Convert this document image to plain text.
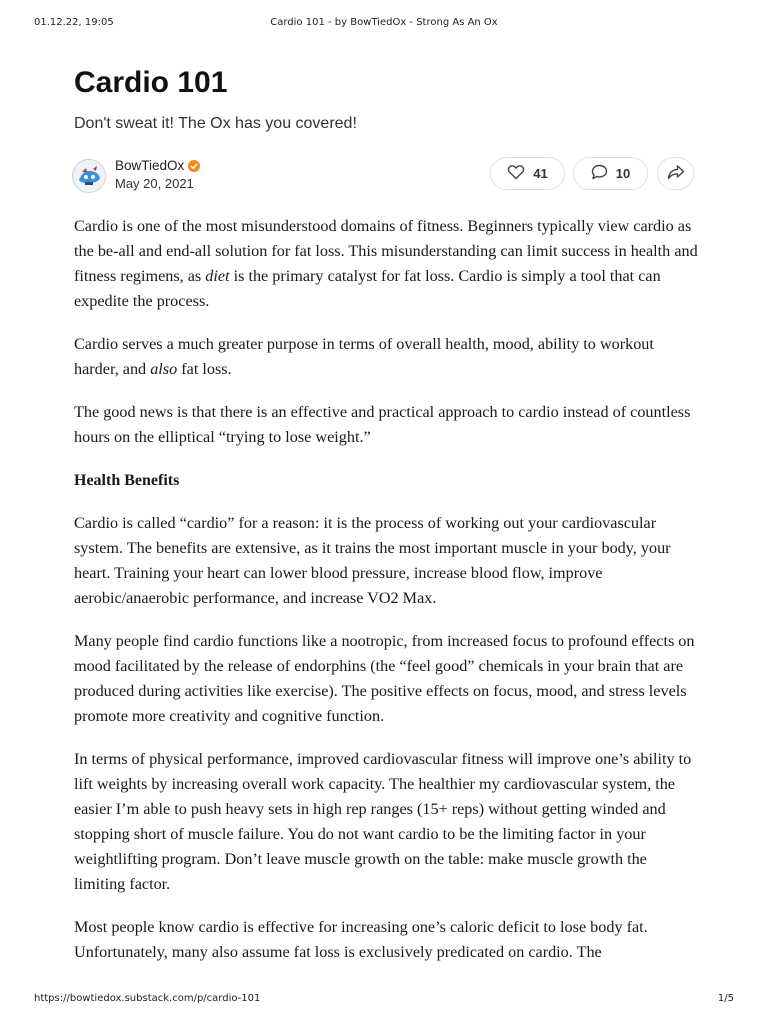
01.12.22, 19:05	Cardio 101 - by BowTiedOx - Strong As An Ox
Cardio 101
Don't sweat it! The Ox has you covered!
BowTiedOx
May 20, 2021
41	10

Cardio is one of the most misunderstood domains of fitness. Beginners typically view cardio as the be-all and end-all solution for fat loss. This misunderstanding can limit success in health and fitness regimens, as diet is the primary catalyst for fat loss. Cardio is simply a tool that can expedite the process.

Cardio serves a much greater purpose in terms of overall health, mood, ability to workout harder, and also fat loss.

The good news is that there is an effective and practical approach to cardio instead of countless hours on the elliptical “trying to lose weight.”

Health Benefits

Cardio is called “cardio” for a reason: it is the process of working out your cardiovascular system. The benefits are extensive, as it trains the most important muscle in your body, your heart. Training your heart can lower blood pressure, increase blood flow, improve aerobic/anaerobic performance, and increase VO2 Max.

Many people find cardio functions like a nootropic, from increased focus to profound effects on mood facilitated by the release of endorphins (the “feel good” chemicals in your brain that are produced during activities like exercise). The positive effects on focus, mood, and stress levels promote more creativity and cognitive function.

In terms of physical performance, improved cardiovascular fitness will improve one’s ability to lift weights by increasing overall work capacity. The healthier my cardiovascular system, the easier I’m able to push heavy sets in high rep ranges (15+ reps) without getting winded and stopping short of muscle failure. You do not want cardio to be the limiting factor in your weightlifting program. Don’t leave muscle growth on the table: make muscle growth the limiting factor.

Most people know cardio is effective for increasing one’s caloric deficit to lose body fat. Unfortunately, many also assume fat loss is exclusively predicated on cardio. The

https://bowtiedox.substack.com/p/cardio-101	1/5
